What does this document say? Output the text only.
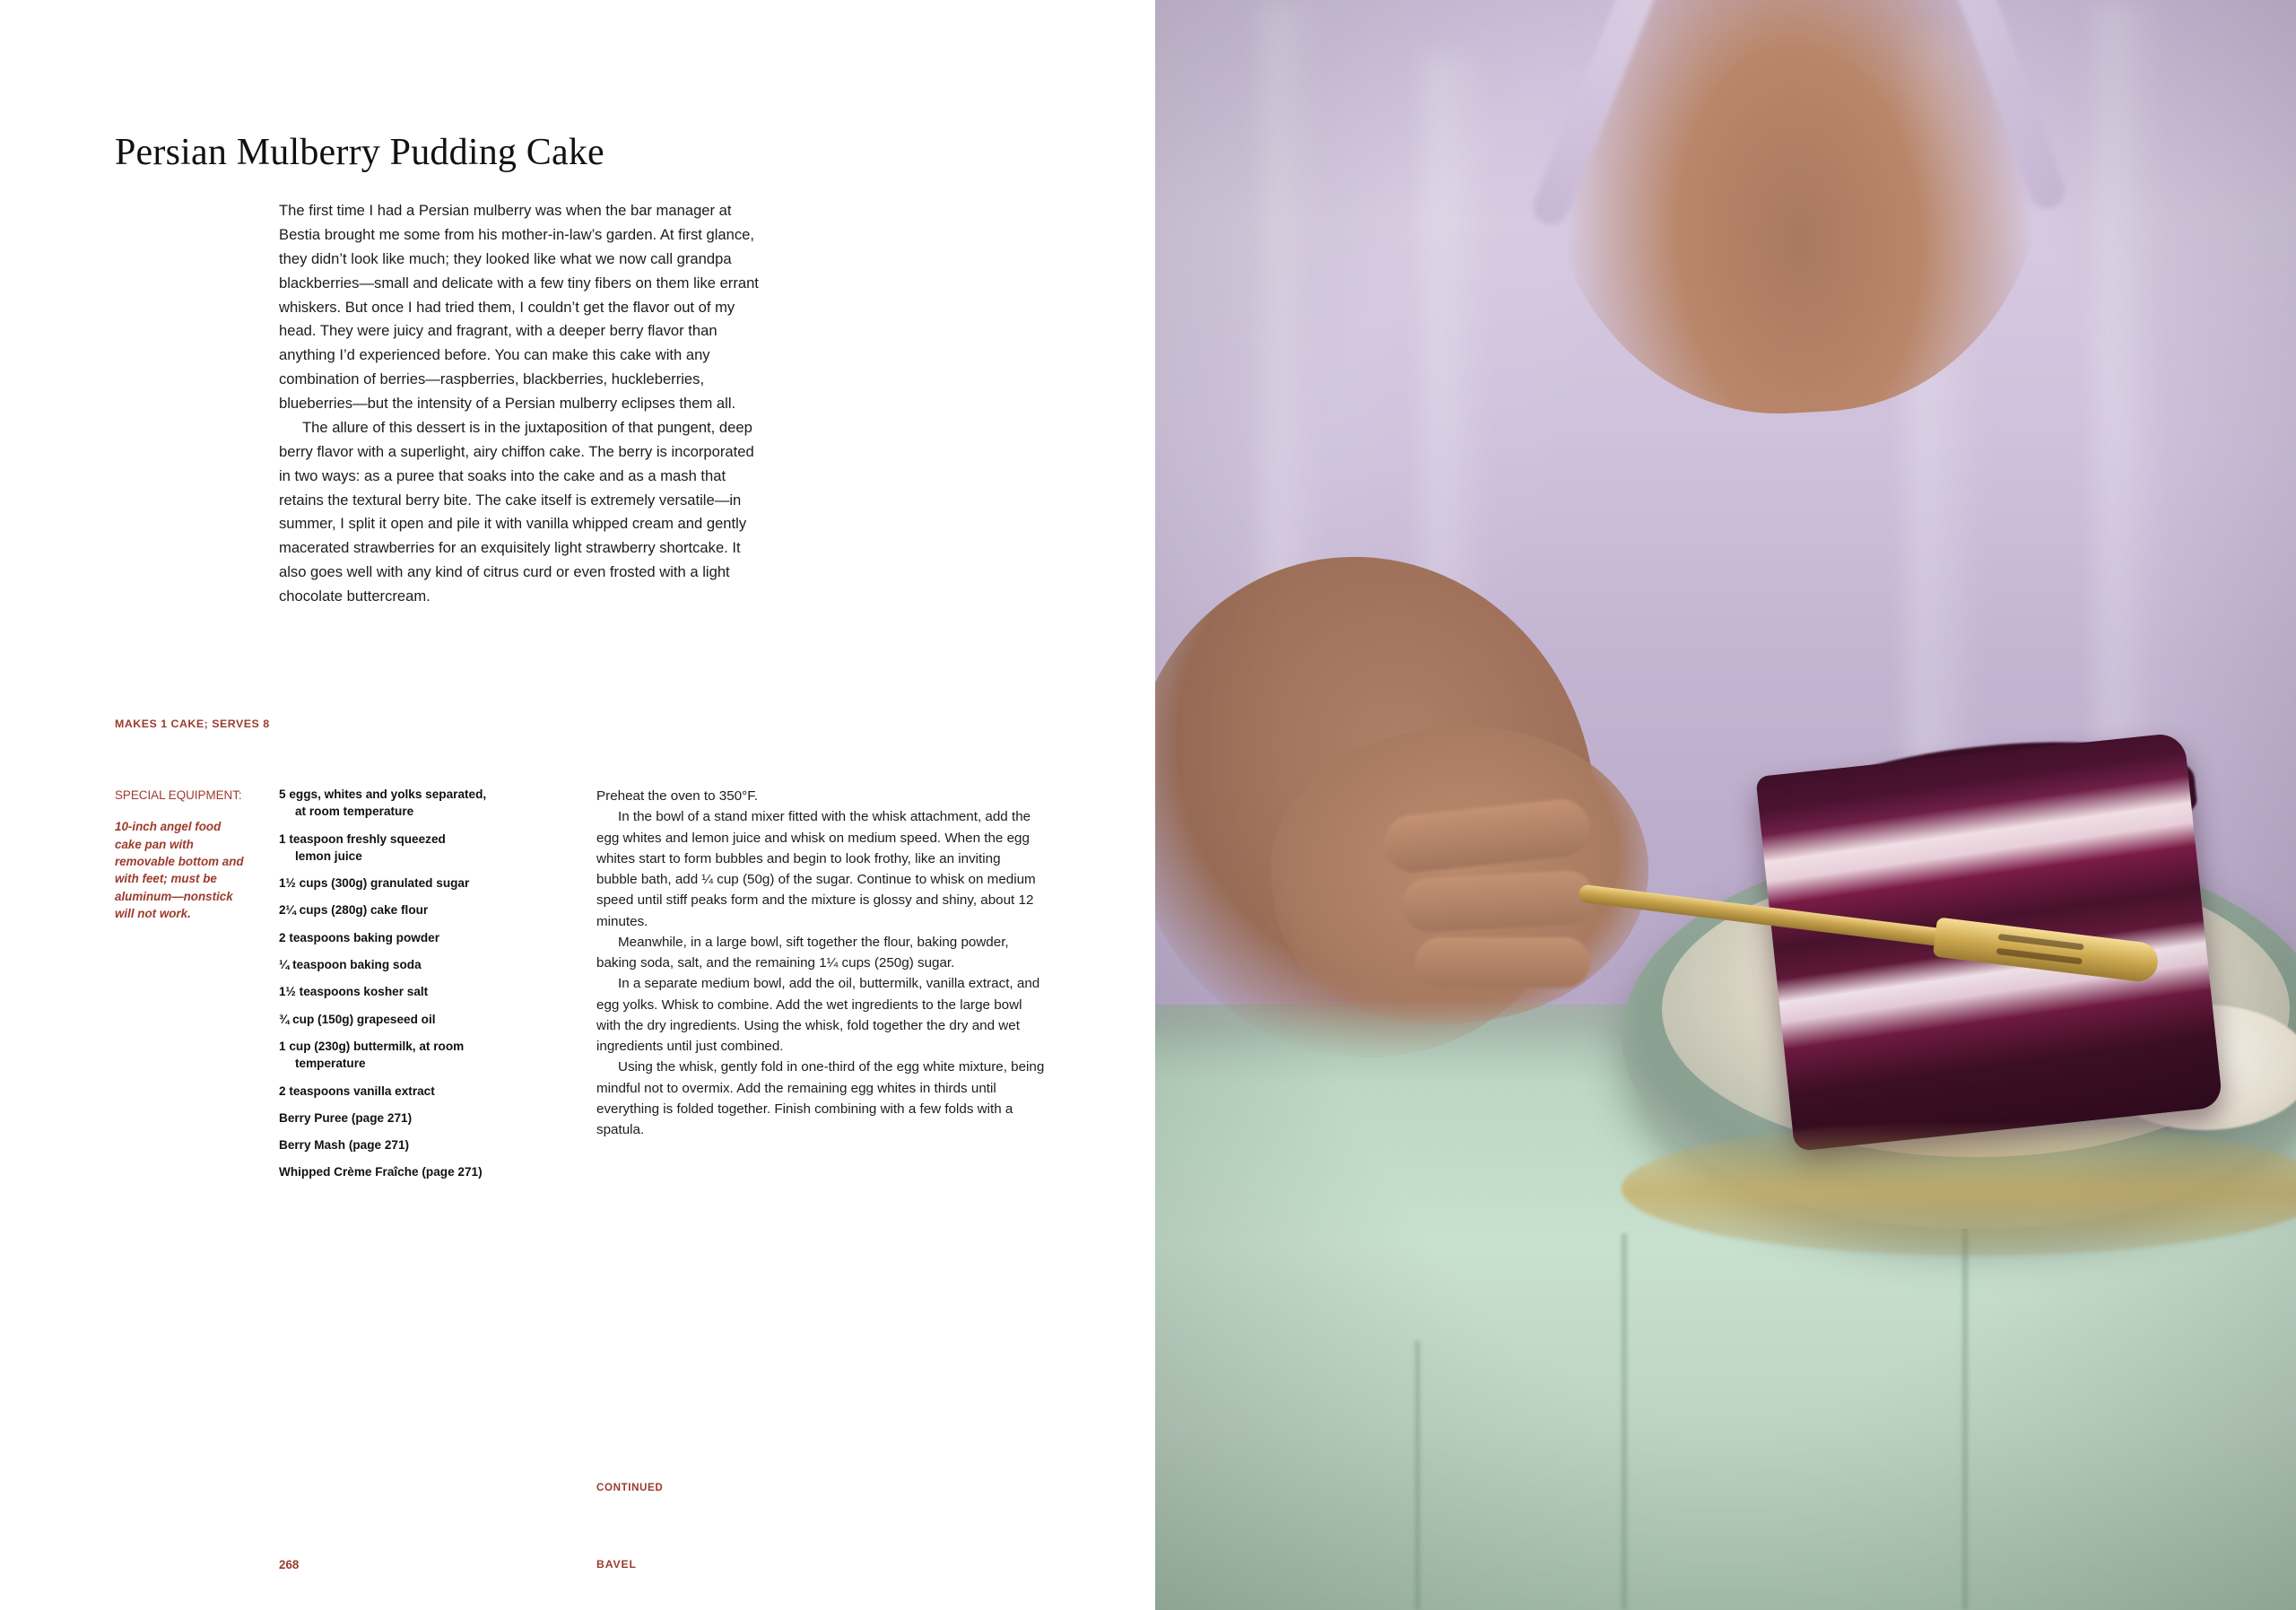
Persian Mulberry Pudding Cake

The first time I had a Persian mulberry was when the bar manager at Bestia brought me some from his mother-in-law’s garden. At first glance, they didn’t look like much; they looked like what we now call grandpa blackberries—small and delicate with a few tiny fibers on them like errant whiskers. But once I had tried them, I couldn’t get the flavor out of my head. They were juicy and fragrant, with a deeper berry flavor than anything I’d experienced before. You can make this cake with any combination of berries—raspberries, blackberries, huckleberries, blueberries—but the intensity of a Persian mulberry eclipses them all.

The allure of this dessert is in the juxtaposition of that pungent, deep berry flavor with a superlight, airy chiffon cake. The berry is incorporated in two ways: as a puree that soaks into the cake and as a mash that retains the textural berry bite. The cake itself is extremely versatile—in summer, I split it open and pile it with vanilla whipped cream and gently macerated strawberries for an exquisitely light strawberry shortcake. It also goes well with any kind of citrus curd or even frosted with a light chocolate buttercream.

MAKES 1 CAKE; SERVES 8
SPECIAL EQUIPMENT:
10-inch angel food cake pan with removable bottom and with feet; must be aluminum—nonstick will not work.
5 eggs, whites and yolks separated,
at room temperature
1 teaspoon freshly squeezed
lemon juice
1½ cups (300g) granulated sugar
2¼ cups (280g) cake flour
2 teaspoons baking powder
¼ teaspoon baking soda
1½ teaspoons kosher salt
¾ cup (150g) grapeseed oil
1 cup (230g) buttermilk, at room
temperature
2 teaspoons vanilla extract
Berry Puree (page 271)
Berry Mash (page 271)
Whipped Crème Fraîche (page 271)

Preheat the oven to 350°F.

In the bowl of a stand mixer fitted with the whisk attachment, add the egg whites and lemon juice and whisk on medium speed. When the egg whites start to form bubbles and begin to look frothy, like an inviting bubble bath, add ¼ cup (50g) of the sugar. Continue to whisk on medium speed until stiff peaks form and the mixture is glossy and shiny, about 12 minutes.

Meanwhile, in a large bowl, sift together the flour, baking powder, baking soda, salt, and the remaining 1¼ cups (250g) sugar.

In a separate medium bowl, add the oil, buttermilk, vanilla extract, and egg yolks. Whisk to combine. Add the wet ingredients to the large bowl with the dry ingredients. Using the whisk, fold together the dry and wet ingredients until just combined.

Using the whisk, gently fold in one-third of the egg white mixture, being mindful not to overmix. Add the remaining egg whites in thirds until everything is folded together. Finish combining with a few folds with a spatula.

CONTINUED
268	BAVEL
